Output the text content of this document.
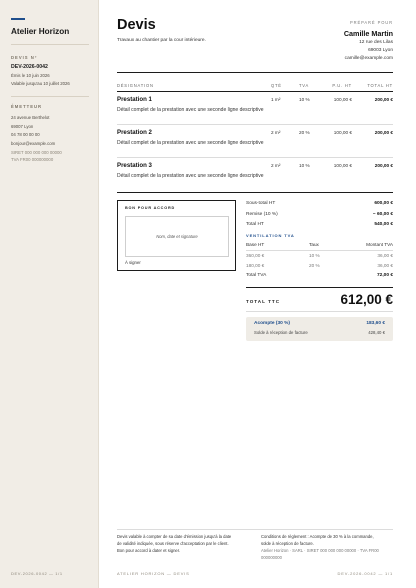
Atelier Horizon
DEVIS N°
DEV-2026-0042
Émis le 10 juin 2026
Valable jusqu'au 10 juillet 2026
ÉMETTEUR
24 avenue Berthelot
69007 Lyon
04 78 00 00 00
bonjour@example.com
SIRET 000 000 000 00000
TVA FR00 000000000
DEV-2026-0042 — 1/1
Devis
Travaux au chantier par la cour intérieure.
PRÉPARÉ POUR
Camille Martin
12 rue des Lilas
69003 Lyon
camille@example.com
DÉSIGNATION	QTÉ	TVA	P.U. HT	TOTAL HT
Prestation 1
Détail complet de la prestation avec une seconde ligne descriptive
1 m²	10 %	100,00 €	200,00 €
Prestation 2
Détail complet de la prestation avec une seconde ligne descriptive
2 m²	20 %	100,00 €	200,00 €
Prestation 3
Détail complet de la prestation avec une seconde ligne descriptive
2 m²	10 %	100,00 €	200,00 €
BON POUR ACCORD
Nom, date et signature
À signer
Sous-total HT	600,00 €
Remise (10 %)	− 60,00 €
Total HT	540,00 €
VENTILATION TVA
Base HT	Taux	Montant TVA
360,00 €	10 %	36,00 €
180,00 €	20 %	36,00 €
Total TVA	72,00 €
TOTAL TTC	612,00 €
Acompte (30 %)	183,60 €
Solde à réception de facture	428,40 €
Devis valable à compter de sa date d'émission jusqu'à la date
de validité indiquée, sous réserve d'acceptation par le client.
Bon pour accord à dater et signer.
Conditions de règlement : Acompte de 30 % à la commande,
solde à réception de facture.
Atelier Horizon · SARL · SIRET 000 000 000 00000 · TVA FR00
000000000
ATELIER HORIZON — DEVIS	DEV-2026-0042 — 1/1
